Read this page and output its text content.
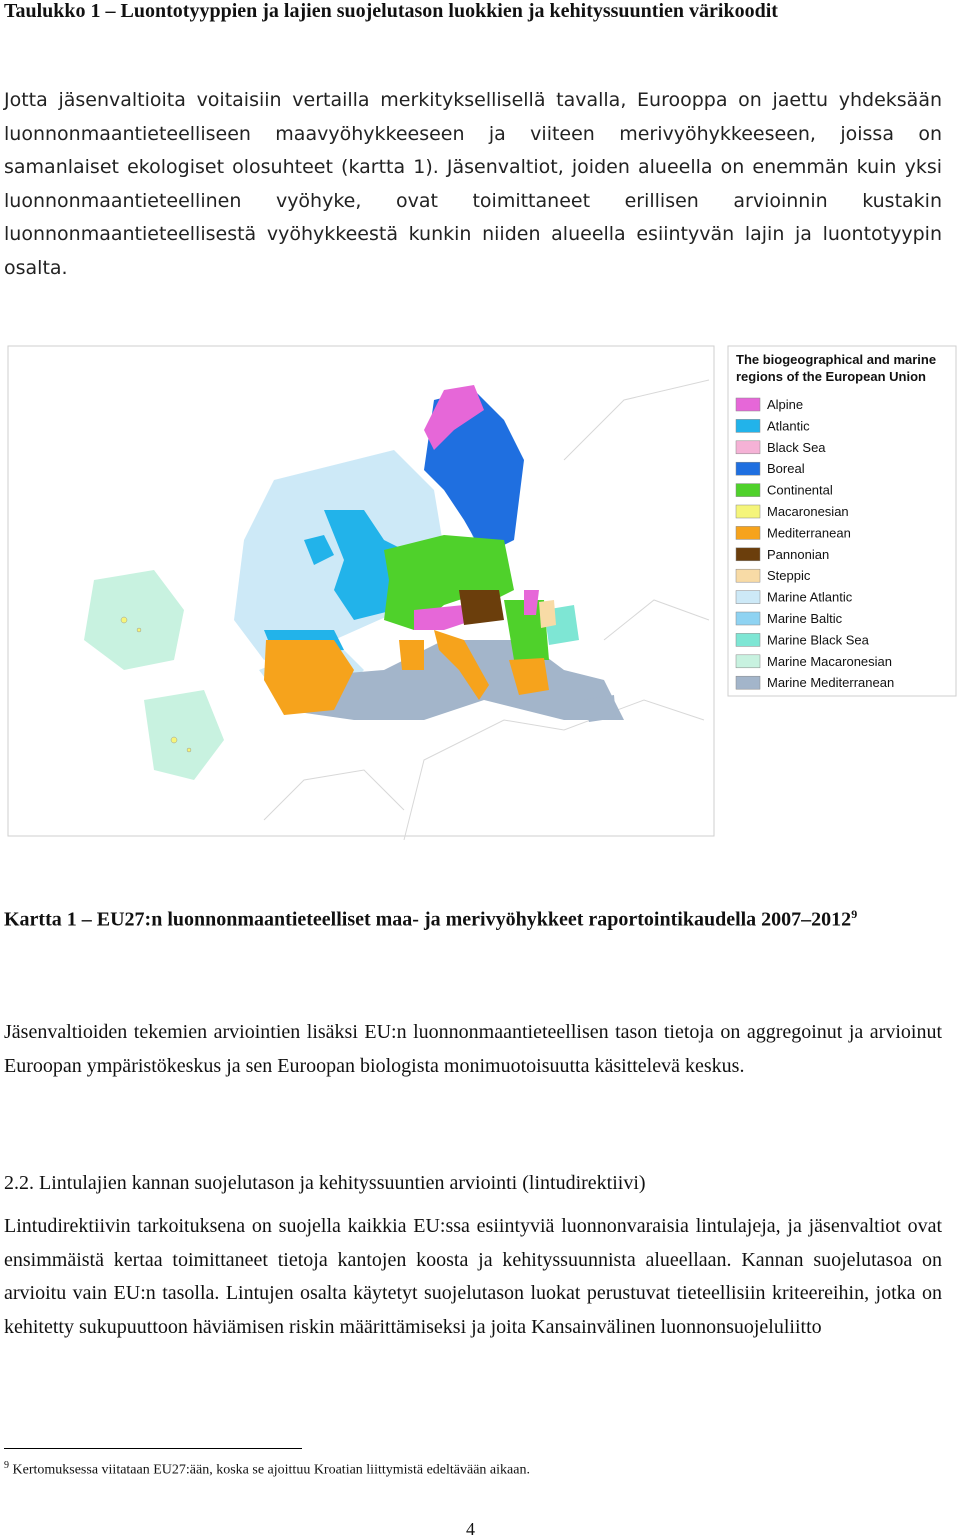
Taulukko 1 – Luontotyyppien ja lajien suojelutason luokkien ja kehityssuuntien värikoodit
Jotta jäsenvaltioita voitaisiin vertailla merkityksellisellä tavalla, Eurooppa on jaettu yhdeksään luonnonmaantieteelliseen maavyöhykkeeseen ja viiteen merivyöhykkeeseen, joissa on samanlaiset ekologiset olosuhteet (kartta 1). Jäsenvaltiot, joiden alueella on enemmän kuin yksi luonnonmaantieteellinen vyöhyke, ovat toimittaneet erillisen arvioinnin kustakin luonnonmaantieteellisestä vyöhykkeestä kunkin niiden alueella esiintyvän lajin ja luontotyypin osalta.
The biogeographical and marine
regions of the European Union
Alpine
Atlantic
Black Sea
Boreal
Continental
Macaronesian
Mediterranean
Pannonian
Steppic
Marine Atlantic
Marine Baltic
Marine Black Sea
Marine Macaronesian
Marine Mediterranean
Kartta 1 – EU27:n luonnonmaantieteelliset maa- ja merivyöhykkeet raportointikaudella 2007–2012$^9$
Jäsenvaltioiden tekemien arviointien lisäksi EU:n luonnonmaantieteellisen tason tietoja on aggregoinut ja arvioinut Euroopan ympäristökeskus ja sen Euroopan biologista monimuotoisuutta käsittelevä keskus.
2.2. Lintulajien kannan suojelutason ja kehityssuuntien arviointi (lintudirektiivi)
Lintudirektiivin tarkoituksena on suojella kaikkia EU:ssa esiintyviä luonnonvaraisia lintulajeja, ja jäsenvaltiot ovat ensimmäistä kertaa toimittaneet tietoja kantojen koosta ja kehityssuunnista alueellaan. Kannan suojelutasoa on arvioitu vain EU:n tasolla. Lintujen osalta käytetyt suojelutason luokat perustuvat tieteellisiin kriteereihin, jotka on kehitetty sukupuuttoon häviämisen riskin määrittämiseksi ja joita Kansainvälinen luonnonsuojeluliitto
$^9$ Kertomuksessa viitataan EU27:ään, koska se ajoittuu Kroatian liittymistä edeltävään aikaan.
4
